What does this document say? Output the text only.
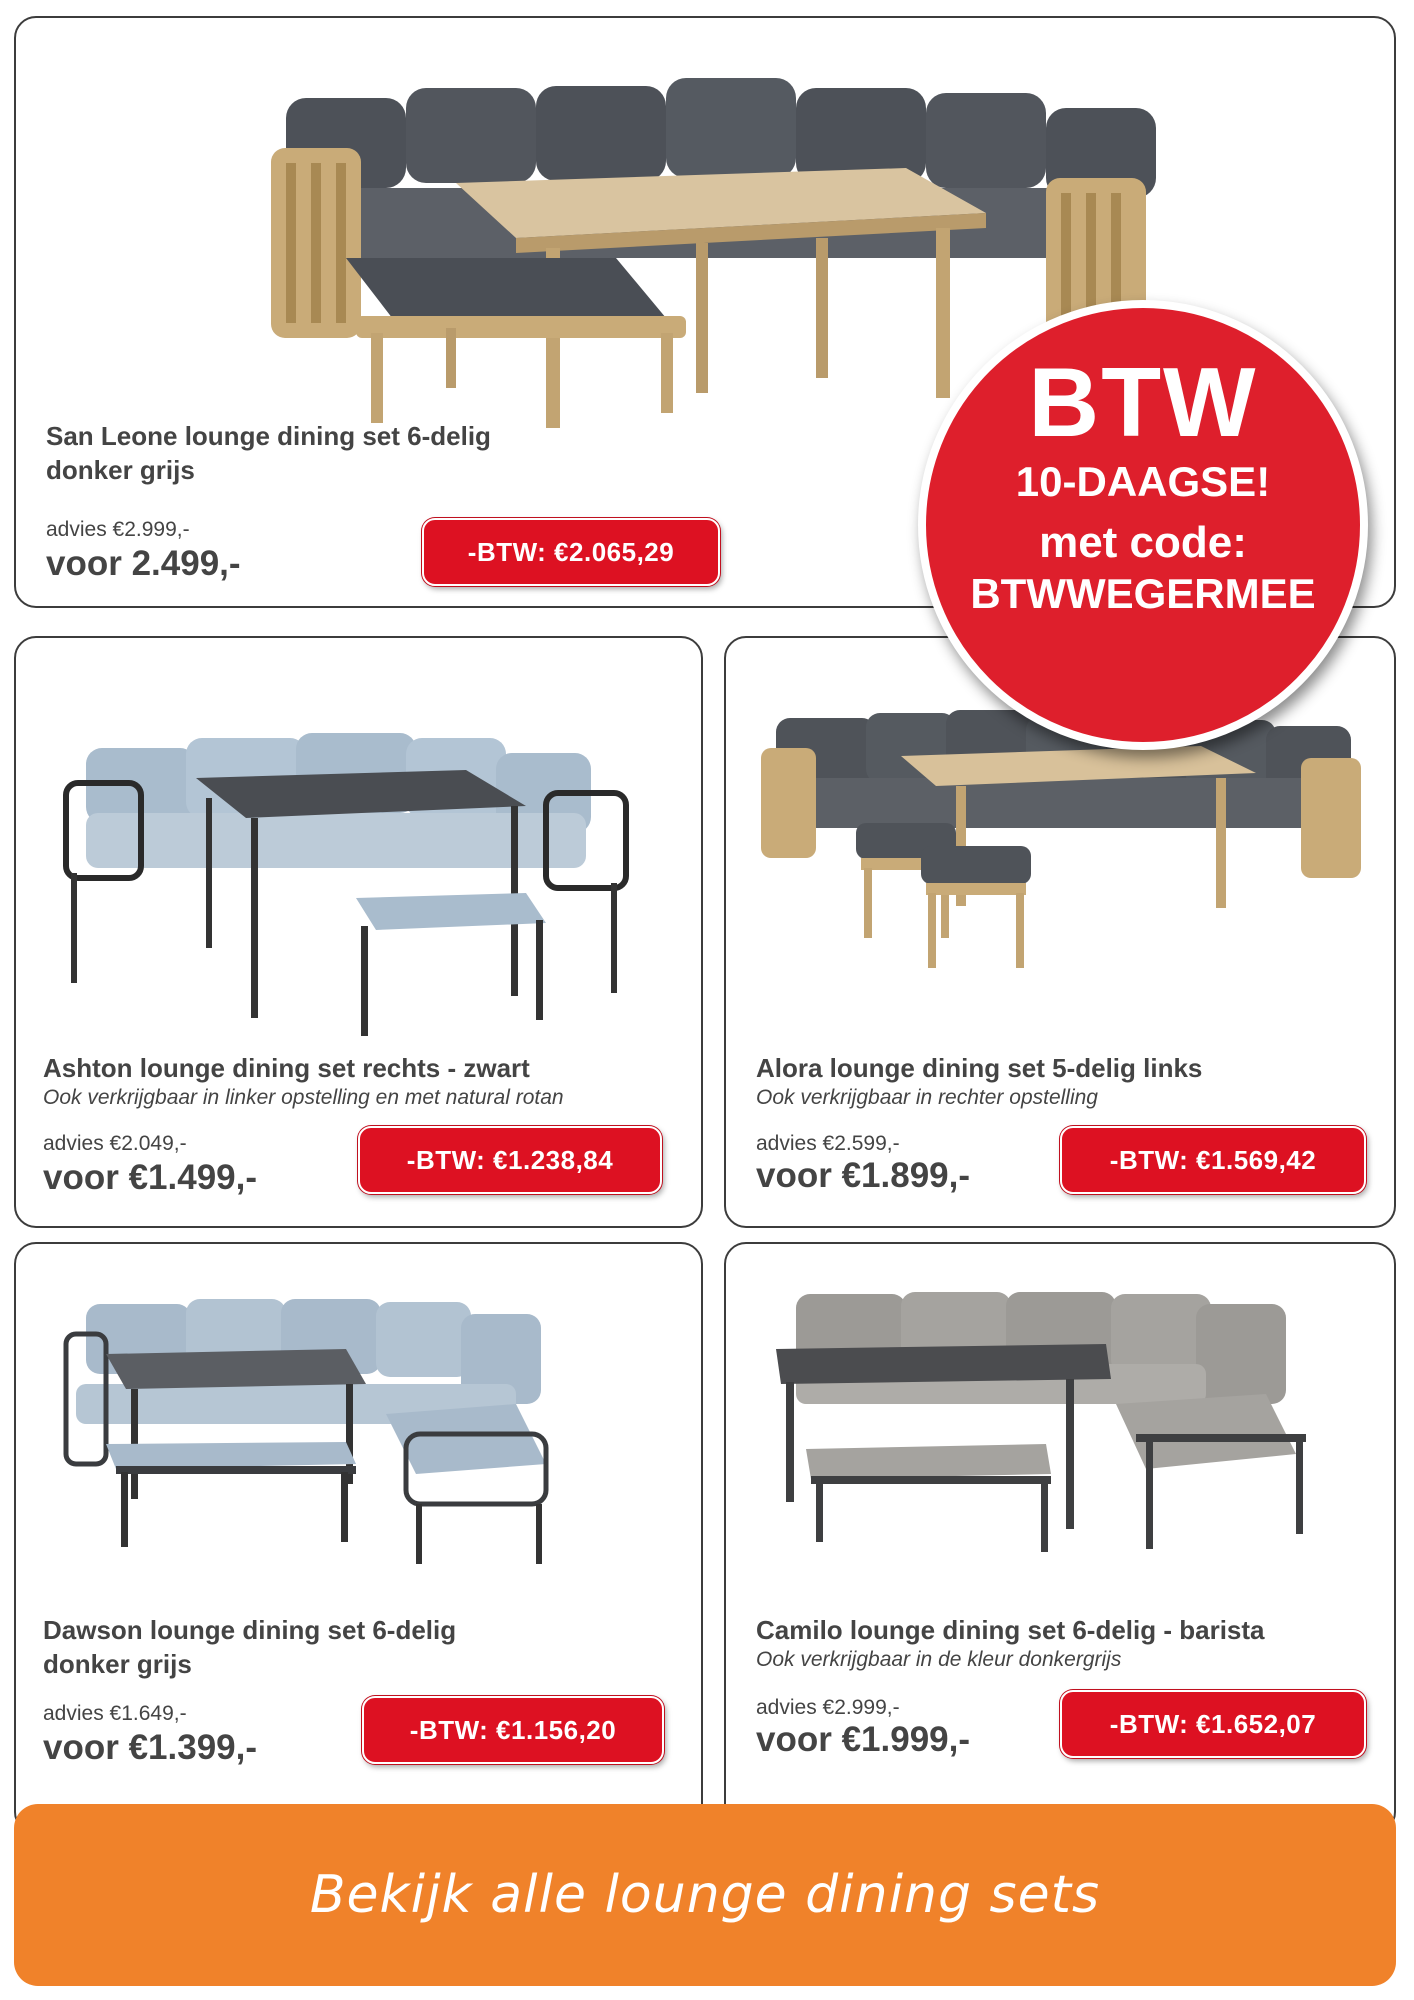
San Leone lounge dining set 6-delig
donker grijs
advies €2.999,-
voor 2.499,-	-BTW: €2.065,29
Ashton lounge dining set rechts - zwart
Ook verkrijgbaar in linker opstelling en met natural rotan
advies €2.049,-
voor €1.499,-	-BTW: €1.238,84
Alora lounge dining set 5-delig links
Ook verkrijgbaar in rechter opstelling
advies €2.599,-
voor €1.899,-	-BTW: €1.569,42
Dawson lounge dining set 6-delig
donker grijs
advies €1.649,-
voor €1.399,-	-BTW: €1.156,20
Camilo lounge dining set 6-delig - barista
Ook verkrijgbaar in de kleur donkergrijs
advies €2.999,-
voor €1.999,-	-BTW: €1.652,07
BTW
10-DAAGSE!
met code:
BTWWEGERMEE
Bekijk alle lounge dining sets
